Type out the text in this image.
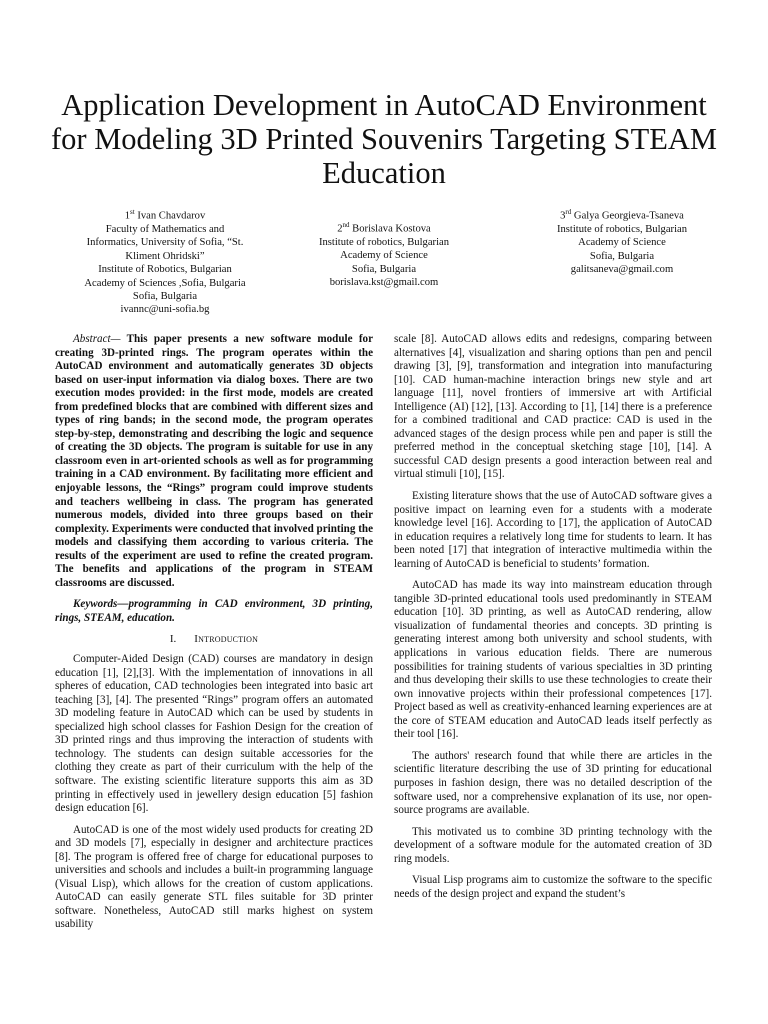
Application Development in AutoCAD Environment for Modeling 3D Printed Souvenirs Targeting STEAM Education
1st Ivan Chavdarov
Faculty of Mathematics and
Informatics, University of Sofia, “St.
Kliment Ohridski”
Institute of Robotics, Bulgarian
Academy of Sciences ,Sofia, Bulgaria
Sofia, Bulgaria
ivannc@uni-sofia.bg
2nd Borislava Kostova
Institute of robotics, Bulgarian
Academy of Science
Sofia, Bulgaria
borislava.kst@gmail.com
3rd Galya Georgieva-Tsaneva
Institute of robotics, Bulgarian
Academy of Science
Sofia, Bulgaria
galitsaneva@gmail.com

Abstract— This paper presents a new software module for creating 3D-printed rings. The program operates within the AutoCAD environment and automatically generates 3D objects based on user-input information via dialog boxes. There are two execution modes provided: in the first mode, models are created from predefined blocks that are combined with different sizes and types of ring bands; in the second mode, the program operates step-by-step, demonstrating and describing the logic and sequence of creating the 3D objects. The program is suitable for use in any classroom even in art-oriented schools as well as for programming training in a CAD environment. By facilitating more efficient and enjoyable lessons, the “Rings” program could improve students and teachers wellbeing in class. The program has generated numerous models, divided into three groups based on their complexity. Experiments were conducted that involved printing the models and classifying them according to various criteria. The results of the experiment are used to refine the created program. The benefits and applications of the program in STEAM classrooms are discussed.

Keywords—programming in CAD environment, 3D printing, rings, STEAM, education.

I. Introduction

Computer-Aided Design (CAD) courses are mandatory in design education [1], [2],[3]. With the implementation of innovations in all spheres of education, CAD technologies been integrated into basic art teaching [3], [4]. The presented “Rings” program offers an automated 3D modeling feature in AutoCAD which can be used by students in specialized high school classes for Fashion Design for the creation of 3D printed rings and thus improving the interaction of students with technology. The students can design suitable accessories for the clothing they create as part of their curriculum with the help of the software. The existing scientific literature supports this aim as 3D printing in effectively used in jewellery design education [5] fashion design education [6].

AutoCAD is one of the most widely used products for creating 2D and 3D models [7], especially in designer and architecture practices [8]. The program is offered free of charge for educational purposes to universities and schools and includes a built-in programming language (Visual Lisp), which allows for the creation of custom applications. AutoCAD can easily generate STL files suitable for 3D printer software. Nonetheless, AutoCAD still marks highest on system usability

scale [8]. AutoCAD allows edits and redesigns, comparing between alternatives [4], visualization and sharing options than pen and pencil drawing [3], [9], transformation and integration into manufacturing [10]. CAD human-machine interaction brings new style and art language [11], novel frontiers of immersive art with Artificial Intelligence (AI) [12], [13]. According to [1], [14] there is a preference for a combined traditional and CAD practice: CAD is used in the advanced stages of the design process while pen and paper is still the preferred method in the conceptual sketching stage [10], [14]. A successful CAD design presents a good interaction between real and virtual stimuli [10], [15].

Existing literature shows that the use of AutoCAD software gives a positive impact on learning even for a students with a moderate knowledge level [16]. According to [17], the application of AutoCAD in education requires a relatively long time for students to learn. It has been noted [17] that integration of interactive multimedia within the learning of AutoCAD is beneficial to students’ formation.

AutoCAD has made its way into mainstream education through tangible 3D-printed educational tools used predominantly in STEAM education [10]. 3D printing, as well as AutoCAD rendering, allow visualization of fundamental theories and concepts. 3D printing is generating interest among both university and school students, with applications in various education fields. There are numerous possibilities for training students of various specialties in 3D printing and thus developing their skills to use these technologies to create their own innovative projects within their professional competences [17]. Project based as well as creativity-enhanced learning experiences are at the core of STEAM education and AutoCAD leads itself perfectly as their tool [16].

The authors' research found that while there are articles in the scientific literature describing the use of 3D printing for educational purposes in fashion design, there was no detailed description of the software used, nor a comprehensive explanation of its use, nor open-source programs are available.

This motivated us to combine 3D printing technology with the development of a software module for the automated creation of 3D ring models.

Visual Lisp programs aim to customize the software to the specific needs of the design project and expand the student’s
